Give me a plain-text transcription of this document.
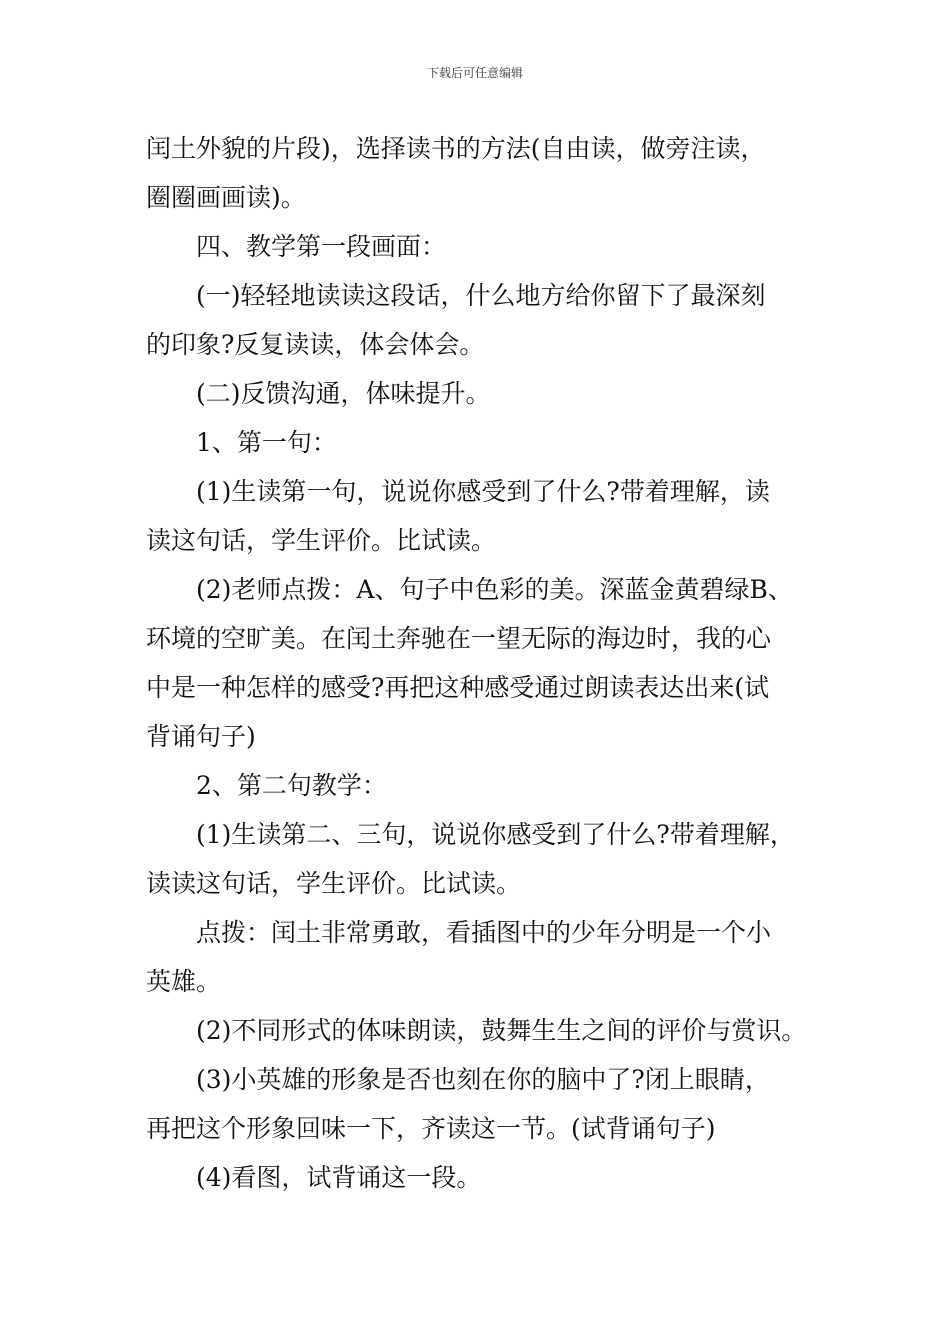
下载后可任意编辑
闰土外貌的片段)，选择读书的方法(自由读，做旁注读，
圈圈画画读)。
四、教学第一段画面：
(一)轻轻地读读这段话，什么地方给你留下了最深刻
的印象?反复读读，体会体会。
(二)反馈沟通，体味提升。
1、第一句：
(1)生读第一句，说说你感受到了什么?带着理解，读
读这句话，学生评价。比试读。
(2)老师点拨：A、句子中色彩的美。深蓝金黄碧绿B、
环境的空旷美。在闰土奔驰在一望无际的海边时，我的心
中是一种怎样的感受?再把这种感受通过朗读表达出来(试
背诵句子)
2、第二句教学：
(1)生读第二、三句，说说你感受到了什么?带着理解，
读读这句话，学生评价。比试读。
点拨：闰土非常勇敢，看插图中的少年分明是一个小
英雄。
(2)不同形式的体味朗读，鼓舞生生之间的评价与赏识。
(3)小英雄的形象是否也刻在你的脑中了?闭上眼睛，
再把这个形象回味一下，齐读这一节。(试背诵句子)
(4)看图，试背诵这一段。
